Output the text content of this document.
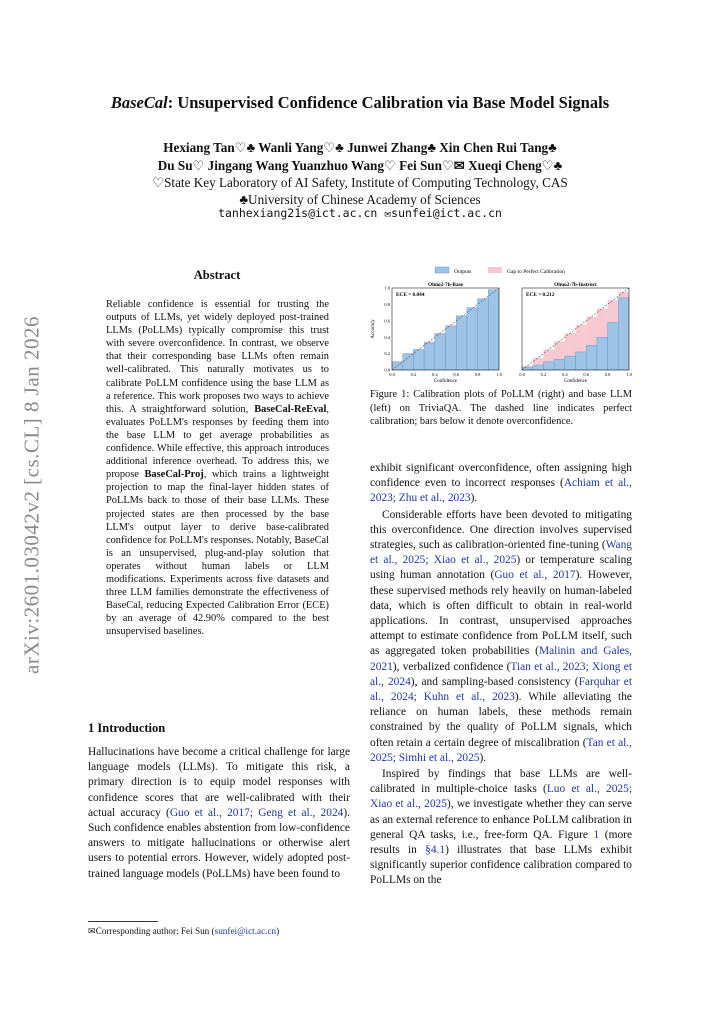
arXiv:2601.03042v2 [cs.CL] 8 Jan 2026
BaseCal: Unsupervised Confidence Calibration via Base Model Signals
Hexiang Tan♡♣ Wanli Yang♡♣ Junwei Zhang♣ Xin Chen Rui Tang♣
Du Su♡ Jingang Wang Yuanzhuo Wang♡ Fei Sun♡✉ Xueqi Cheng♡♣
♡State Key Laboratory of AI Safety, Institute of Computing Technology, CAS
♣University of Chinese Academy of Sciences
tanhexiang21s@ict.ac.cn ✉sunfei@ict.ac.cn
Abstract
Reliable confidence is essential for trusting the outputs of LLMs, yet widely deployed post-trained LLMs (PoLLMs) typically compromise this trust with severe overconfidence. In contrast, we observe that their corresponding base LLMs often remain well-calibrated. This naturally motivates us to calibrate PoLLM confidence using the base LLM as a reference. This work proposes two ways to achieve this. A straightforward solution, BaseCal-ReEval, evaluates PoLLM's responses by feeding them into the base LLM to get average probabilities as confidence. While effective, this approach introduces additional inference overhead. To address this, we propose BaseCal-Proj, which trains a lightweight projection to map the final-layer hidden states of PoLLMs back to those of their base LLMs. These projected states are then processed by the base LLM's output layer to derive base-calibrated confidence for PoLLM's responses. Notably, BaseCal is an unsupervised, plug-and-play solution that operates without human labels or LLM modifications. Experiments across five datasets and three LLM families demonstrate the effectiveness of BaseCal, reducing Expected Calibration Error (ECE) by an average of 42.90% compared to the best unsupervised baselines.
1 Introduction

Hallucinations have become a critical challenge for large language models (LLMs). To mitigate this risk, a primary direction is to equip model responses with confidence scores that are well-calibrated with their actual accuracy (Guo et al., 2017; Geng et al., 2024). Such confidence enables abstention from low-confidence answers to mitigate hallucinations or otherwise alert users to potential errors. However, widely adopted post-trained language models (PoLLMs) have been found to

✉Corresponding author: Fei Sun (sunfei@ict.ac.cn)
Outputs	Gap to Perfect Calibration
Olmo2-7b-Base
ECE = 0.044
0.0	0.2	0.4	0.6	0.8	1.0
Confidence
0.0
0.2
0.4
0.6
0.8
1.0
Accuracy
Olmo2-7b-Instruct
ECE = 0.212
0.0	0.2	0.4	0.6	0.8	1.0
Confidence
Figure 1: Calibration plots of PoLLM (right) and base LLM (left) on TriviaQA. The dashed line indicates perfect calibration; bars below it denote overconfidence.

exhibit significant overconfidence, often assigning high confidence even to incorrect responses (Achiam et al., 2023; Zhu et al., 2023).

Considerable efforts have been devoted to mitigating this overconfidence. One direction involves supervised strategies, such as calibration-oriented fine-tuning (Wang et al., 2025; Xiao et al., 2025) or temperature scaling using human annotation (Guo et al., 2017). However, these supervised methods rely heavily on human-labeled data, which is often difficult to obtain in real-world applications. In contrast, unsupervised approaches attempt to estimate confidence from PoLLM itself, such as aggregated token probabilities (Malinin and Gales, 2021), verbalized confidence (Tian et al., 2023; Xiong et al., 2024), and sampling-based consistency (Farquhar et al., 2024; Kuhn et al., 2023). While alleviating the reliance on human labels, these methods remain constrained by the quality of PoLLM signals, which often retain a certain degree of miscalibration (Tan et al., 2025; Simhi et al., 2025).

Inspired by findings that base LLMs are well-calibrated in multiple-choice tasks (Luo et al., 2025; Xiao et al., 2025), we investigate whether they can serve as an external reference to enhance PoLLM calibration in general QA tasks, i.e., free-form QA. Figure 1 (more results in §4.1) illustrates that base LLMs exhibit significantly superior confidence calibration compared to PoLLMs on the
